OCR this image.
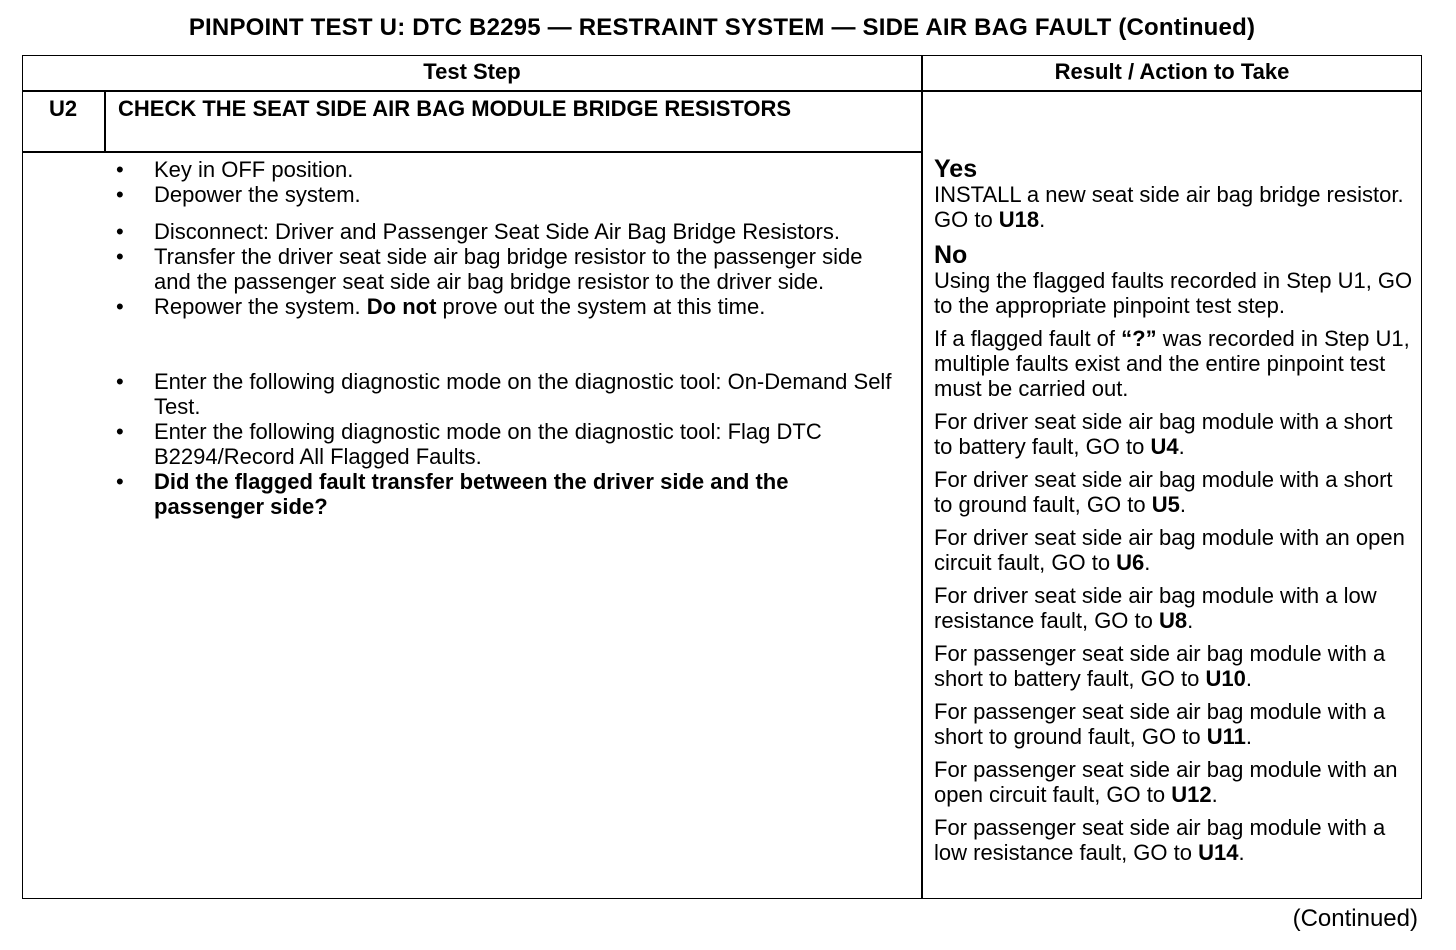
PINPOINT TEST U: DTC B2295 — RESTRAINT SYSTEM — SIDE AIR BAG FAULT (Continued)
Test Step	Result / Action to Take
U2	CHECK THE SEAT SIDE AIR BAG MODULE BRIDGE RESISTORS
• Key in OFF position.
• Depower the system.
• Disconnect: Driver and Passenger Seat Side Air Bag Bridge Resistors.
• Transfer the driver seat side air bag bridge resistor to the passenger side and the passenger seat side air bag bridge resistor to the driver side.
• Repower the system. Do not prove out the system at this time.
• Enter the following diagnostic mode on the diagnostic tool: On-Demand Self Test.
• Enter the following diagnostic mode on the diagnostic tool: Flag DTC B2294/Record All Flagged Faults.
• Did the flagged fault transfer between the driver side and the passenger side?
Yes

INSTALL a new seat side air bag bridge resistor. GO to U18.

No

Using the flagged faults recorded in Step U1, GO to the appropriate pinpoint test step.

If a flagged fault of “?” was recorded in Step U1, multiple faults exist and the entire pinpoint test must be carried out.

For driver seat side air bag module with a short to battery fault, GO to U4.

For driver seat side air bag module with a short to ground fault, GO to U5.

For driver seat side air bag module with an open circuit fault, GO to U6.

For driver seat side air bag module with a low resistance fault, GO to U8.

For passenger seat side air bag module with a short to battery fault, GO to U10.

For passenger seat side air bag module with a short to ground fault, GO to U11.

For passenger seat side air bag module with an open circuit fault, GO to U12.

For passenger seat side air bag module with a low resistance fault, GO to U14.

(Continued)
